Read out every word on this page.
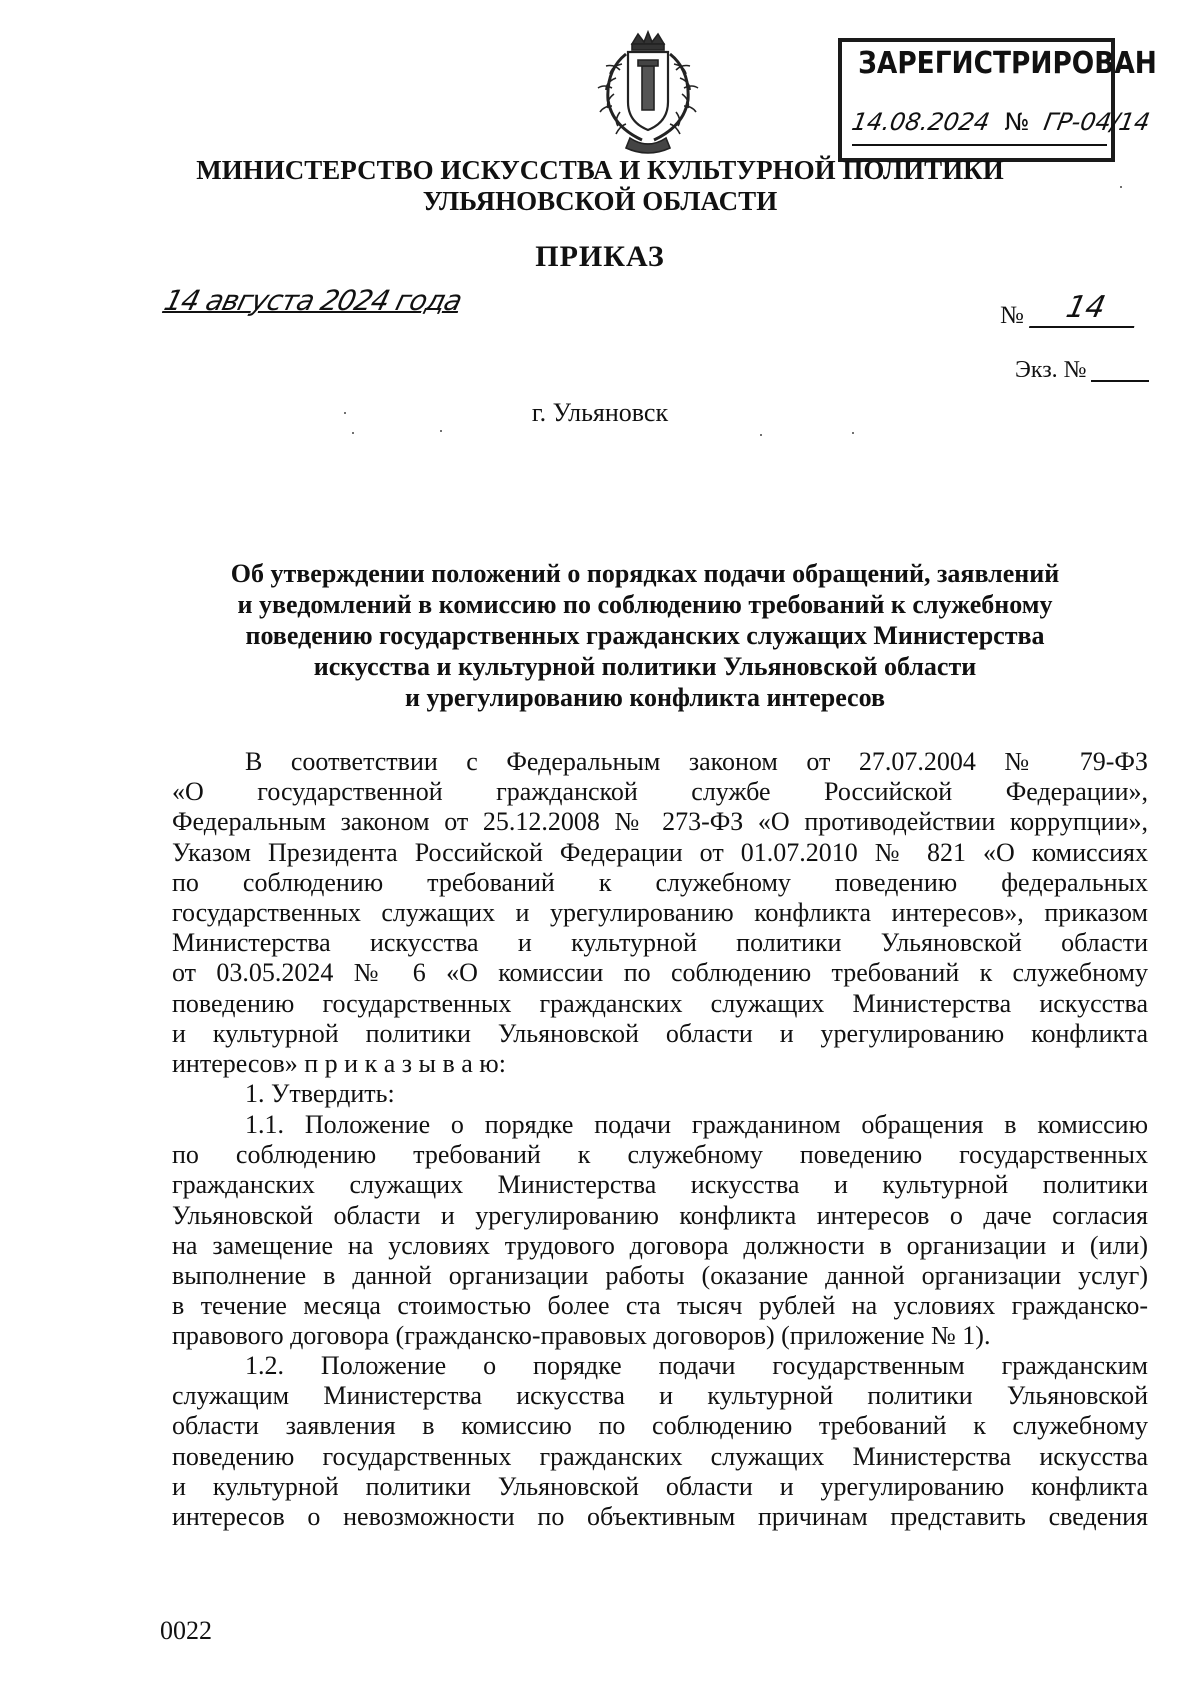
ЗАРЕГИСТРИРОВАН
14.08.2024 № ГР-04/14
МИНИСТЕРСТВО ИСКУССТВА И КУЛЬТУРНОЙ ПОЛИТИКИ
УЛЬЯНОВСКОЙ ОБЛАСТИ
ПРИКАЗ
14 августа 2024 года	№	14
Экз. №
г. Ульяновск
Об утверждении положений о порядках подачи обращений, заявлений
и уведомлений в комиссию по соблюдению требований к служебному
поведению государственных гражданских служащих Министерства
искусства и культурной политики Ульяновской области
и урегулированию конфликта интересов
В соответствии с Федеральным законом от 27.07.2004 № 79-ФЗ
«О государственной гражданской службе Российской Федерации»,
Федеральным законом от 25.12.2008 № 273-ФЗ «О противодействии коррупции»,
Указом Президента Российской Федерации от 01.07.2010 № 821 «О комиссиях
по соблюдению требований к служебному поведению федеральных
государственных служащих и урегулированию конфликта интересов», приказом
Министерства искусства и культурной политики Ульяновской области
от 03.05.2024 № 6 «О комиссии по соблюдению требований к служебному
поведению государственных гражданских служащих Министерства искусства
и культурной политики Ульяновской области и урегулированию конфликта
интересов» п р и к а з ы в а ю:
1. Утвердить:
1.1. Положение о порядке подачи гражданином обращения в комиссию
по соблюдению требований к служебному поведению государственных
гражданских служащих Министерства искусства и культурной политики
Ульяновской области и урегулированию конфликта интересов о даче согласия
на замещение на условиях трудового договора должности в организации и (или)
выполнение в данной организации работы (оказание данной организации услуг)
в течение месяца стоимостью более ста тысяч рублей на условиях гражданско-
правового договора (гражданско-правовых договоров) (приложение № 1).
1.2. Положение о порядке подачи государственным гражданским
служащим Министерства искусства и культурной политики Ульяновской
области заявления в комиссию по соблюдению требований к служебному
поведению государственных гражданских служащих Министерства искусства
и культурной политики Ульяновской области и урегулированию конфликта
интересов о невозможности по объективным причинам представить сведения
0022
